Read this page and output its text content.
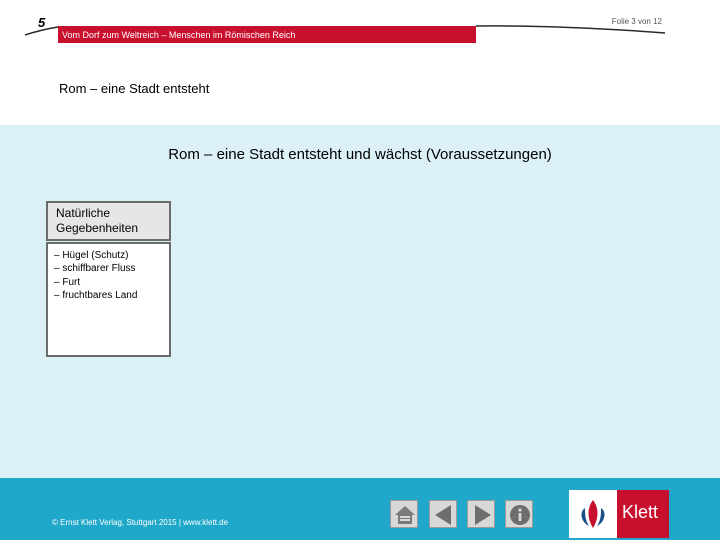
5	Folie 3 von 12
Vom Dorf zum Weltreich – Menschen im Römischen Reich
Rom – eine Stadt entsteht
Rom – eine Stadt entsteht und wächst (Voraussetzungen)
Natürliche
Gegebenheiten
– Hügel (Schutz)
– schiffbarer Fluss
– Furt
– fruchtbares Land
© Ernst Klett Verlag, Stuttgart 2015 | www.klett.de
Klett
